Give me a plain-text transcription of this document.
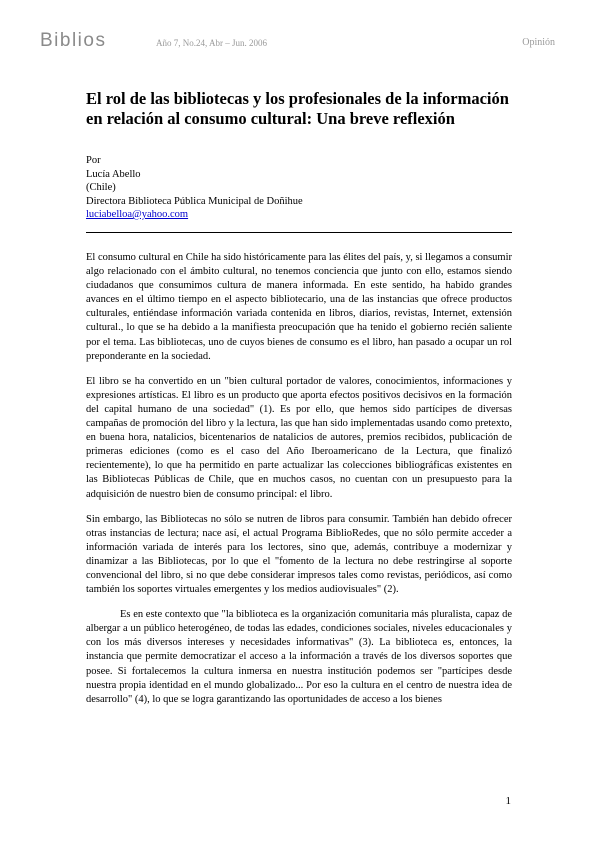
Biblios	Año 7, No.24, Abr – Jun. 2006	Opinión
El rol de las bibliotecas y los profesionales de la información en relación al consumo cultural: Una breve reflexión
Por
Lucía Abello
(Chile)
Directora Biblioteca Pública Municipal de Doñihue
luciabelloa@yahoo.com

El consumo cultural en Chile ha sido históricamente para las élites del país, y, si llegamos a consumir algo relacionado con el ámbito cultural, no tenemos conciencia que junto con ello, estamos siendo ciudadanos que consumimos cultura de manera informada. En este sentido, ha habido grandes avances en el último tiempo en el aspecto bibliotecario, una de las instancias que ofrece productos culturales, entiéndase información variada contenida en libros, diarios, revistas, Internet, extensión cultural., lo que se ha debido a la manifiesta preocupación que ha tenido el gobierno recién saliente por el tema. Las bibliotecas, uno de cuyos bienes de consumo es el libro, han pasado a ocupar un rol preponderante en la sociedad.

El libro se ha convertido en un "bien cultural portador de valores, conocimientos, informaciones y expresiones artísticas. El libro es un producto que aporta efectos positivos decisivos en la formación del capital humano de una sociedad" (1). Es por ello, que hemos sido partícipes de diversas campañas de promoción del libro y la lectura, las que han sido implementadas usando como pretexto, en buena hora, natalicios, bicentenarios de natalicios de autores, premios recibidos, publicación de primeras ediciones (como es el caso del Año Iberoamericano de la Lectura, que finalizó recientemente), lo que ha permitido en parte actualizar las colecciones bibliográficas existentes en las Bibliotecas Públicas de Chile, que en muchos casos, no cuentan con un presupuesto para la adquisición de nuestro bien de consumo principal: el libro.

Sin embargo, las Bibliotecas no sólo se nutren de libros para consumir. También han debido ofrecer otras instancias de lectura; nace así, el actual Programa BiblioRedes, que no sólo permite acceder a información variada de interés para los lectores, sino que, además, contribuye a modernizar y dinamizar a las Bibliotecas, por lo que el "fomento de la lectura no debe restringirse al soporte convencional del libro, si no que debe considerar impresos tales como revistas, periódicos, así como también los soportes virtuales emergentes y los medios audiovisuales" (2).

Es en este contexto que "la biblioteca es la organización comunitaria más pluralista, capaz de albergar a un público heterogéneo, de todas las edades, condiciones sociales, niveles educacionales y con los más diversos intereses y necesidades informativas" (3). La biblioteca es, entonces, la instancia que permite democratizar el acceso a la información a través de los diversos soportes que posee. Si fortalecemos la cultura inmersa en nuestra institución podemos ser "partícipes desde nuestra propia identidad en el mundo globalizado... Por eso la cultura en el centro de nuestra idea de desarrollo" (4), lo que se logra garantizando las oportunidades de acceso a los bienes

1
